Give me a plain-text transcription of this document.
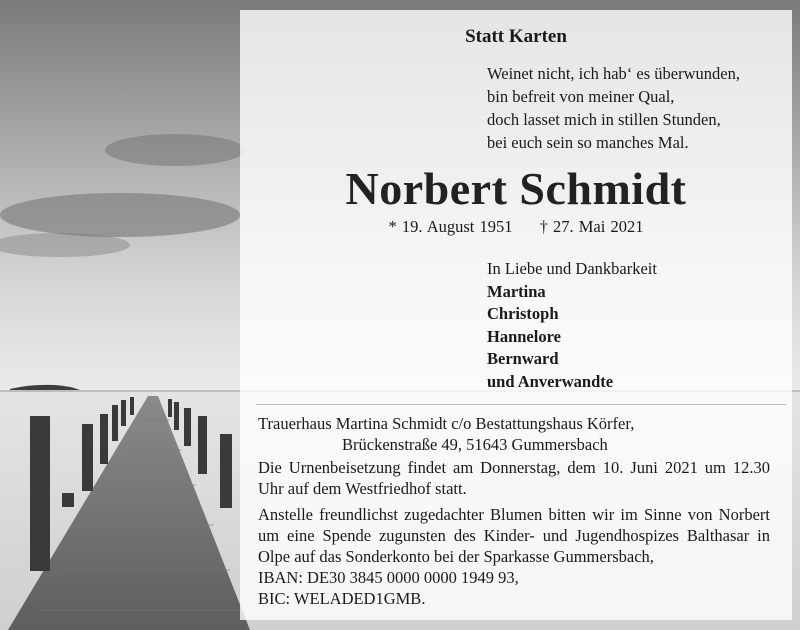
Statt Karten
Weinet nicht, ich hab‘ es überwunden,
bin befreit von meiner Qual,
doch lasset mich in stillen Stunden,
bei euch sein so manches Mal.
Norbert Schmidt
* 19. August 1951 † 27. Mai 2021
In Liebe und Dankbarkeit
Martina
Christoph
Hannelore
Bernward
und Anverwandte
Trauerhaus Martina Schmidt c/o Bestattungshaus Körfer,
Brückenstraße 49, 51643 Gummersbach
Die Urnenbeisetzung findet am Donnerstag, dem 10. Juni 2021 um 12.30 Uhr auf dem Westfriedhof statt.
Anstelle freundlichst zugedachter Blumen bitten wir im Sinne von Norbert um eine Spende zugunsten des Kinder- und Jugendhospizes Balthasar in Olpe auf das Sonderkonto bei der Sparkasse Gummersbach,
IBAN: DE30 3845 0000 0000 1949 93,
BIC: WELADED1GMB.
